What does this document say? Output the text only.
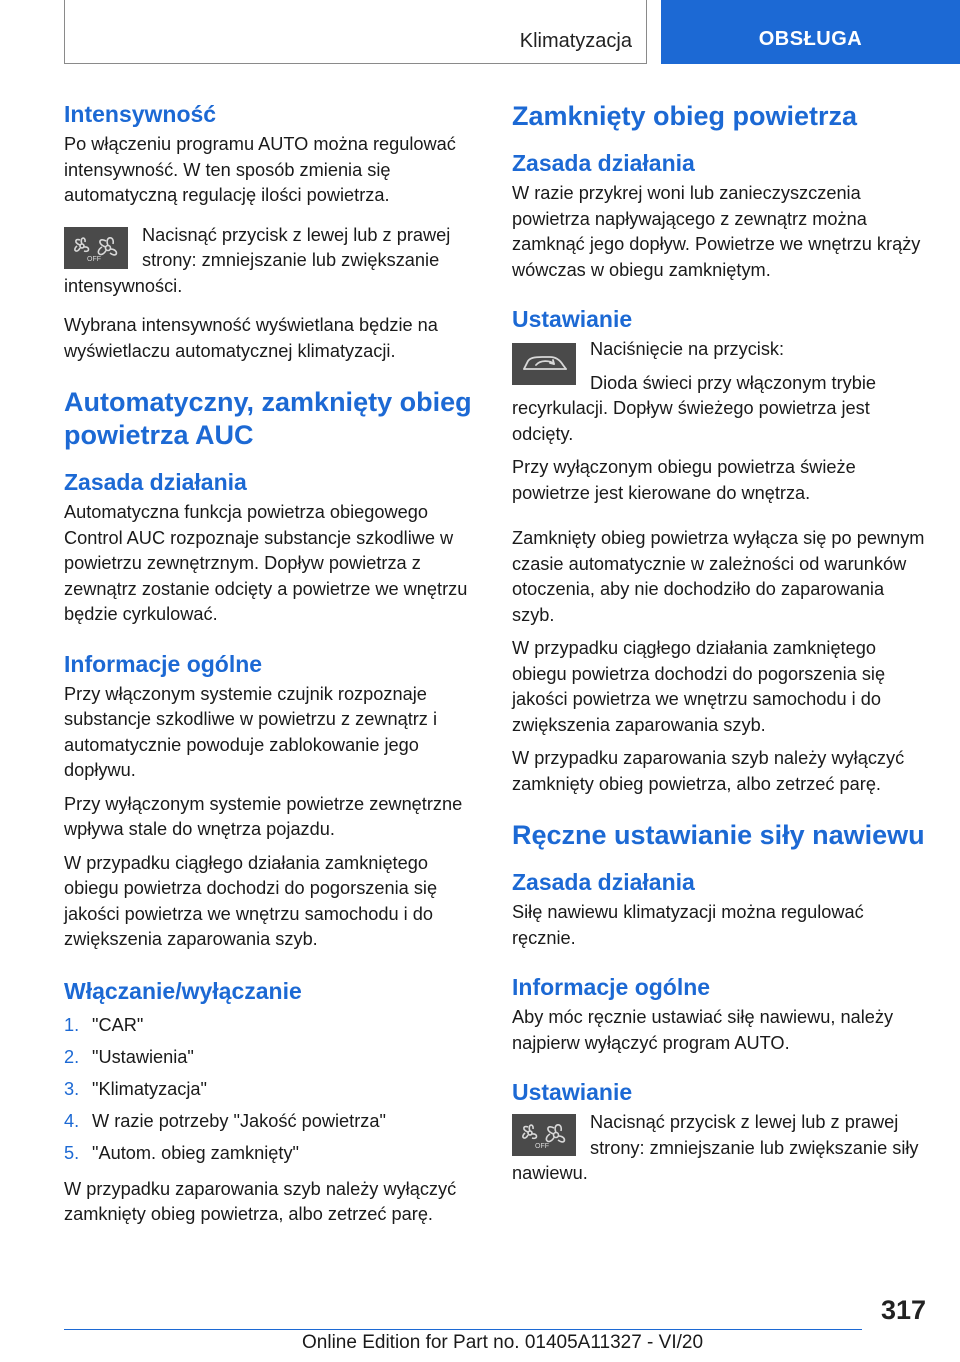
Klimatyzacja	OBSŁUGA
Intensywność

Po włączeniu programu AUTO można regulować intensywność. W ten sposób zmienia się automatyczną regulację ilości powietrza.

OFF
Nacisnąć przycisk z lewej lub z prawej strony: zmniejszanie lub zwiększanie intensywności.

Wybrana intensywność wyświetlana będzie na wyświetlaczu automatycznej klimatyzacji.

Automatyczny, zamknięty obieg powietrza AUC
Zasada działania

Automatyczna funkcja powietrza obiegowego Control AUC rozpoznaje substancje szkodliwe w powietrzu zewnętrznym. Dopływ powietrza z zewnątrz zostanie odcięty a powietrze we wnętrzu będzie cyrkulować.

Informacje ogólne

Przy włączonym systemie czujnik rozpoznaje substancje szkodliwe w powietrzu z zewnątrz i automatycznie powoduje zablokowanie jego dopływu.

Przy wyłączonym systemie powietrze zewnętrzne wpływa stale do wnętrza pojazdu.

W przypadku ciągłego działania zamkniętego obiegu powietrza dochodzi do pogorszenia się jakości powietrza we wnętrzu samochodu i do zwiększenia zaparowania szyb.

Włączanie/wyłączanie
1. "CAR"
2. "Ustawienia"
3. "Klimatyzacja"
4. W razie potrzeby "Jakość powietrza"
5. "Autom. obieg zamknięty"

W przypadku zaparowania szyb należy wyłączyć zamknięty obieg powietrza, albo zetrzeć parę.

Zamknięty obieg powietrza
Zasada działania

W razie przykrej woni lub zanieczyszczenia powietrza napływającego z zewnątrz można zamknąć jego dopływ. Powietrze we wnętrzu krąży wówczas w obiegu zamkniętym.

Ustawianie
Naciśnięcie na przycisk:
Dioda świeci przy włączonym trybie recyrkulacji. Dopływ świeżego powietrza jest odcięty.

Przy wyłączonym obiegu powietrza świeże powietrze jest kierowane do wnętrza.

Zamknięty obieg powietrza wyłącza się po pewnym czasie automatycznie w zależności od warunków otoczenia, aby nie dochodziło do zaparowania szyb.

W przypadku ciągłego działania zamkniętego obiegu powietrza dochodzi do pogorszenia się jakości powietrza we wnętrzu samochodu i do zwiększenia zaparowania szyb.

W przypadku zaparowania szyb należy wyłączyć zamknięty obieg powietrza, albo zetrzeć parę.

Ręczne ustawianie siły nawiewu
Zasada działania

Siłę nawiewu klimatyzacji można regulować ręcznie.

Informacje ogólne

Aby móc ręcznie ustawiać siłę nawiewu, należy najpierw wyłączyć program AUTO.

Ustawianie
OFF
Nacisnąć przycisk z lewej lub z prawej strony: zmniejszanie lub zwiększanie siły nawiewu.
317
Online Edition for Part no. 01405A11327 - VI/20
